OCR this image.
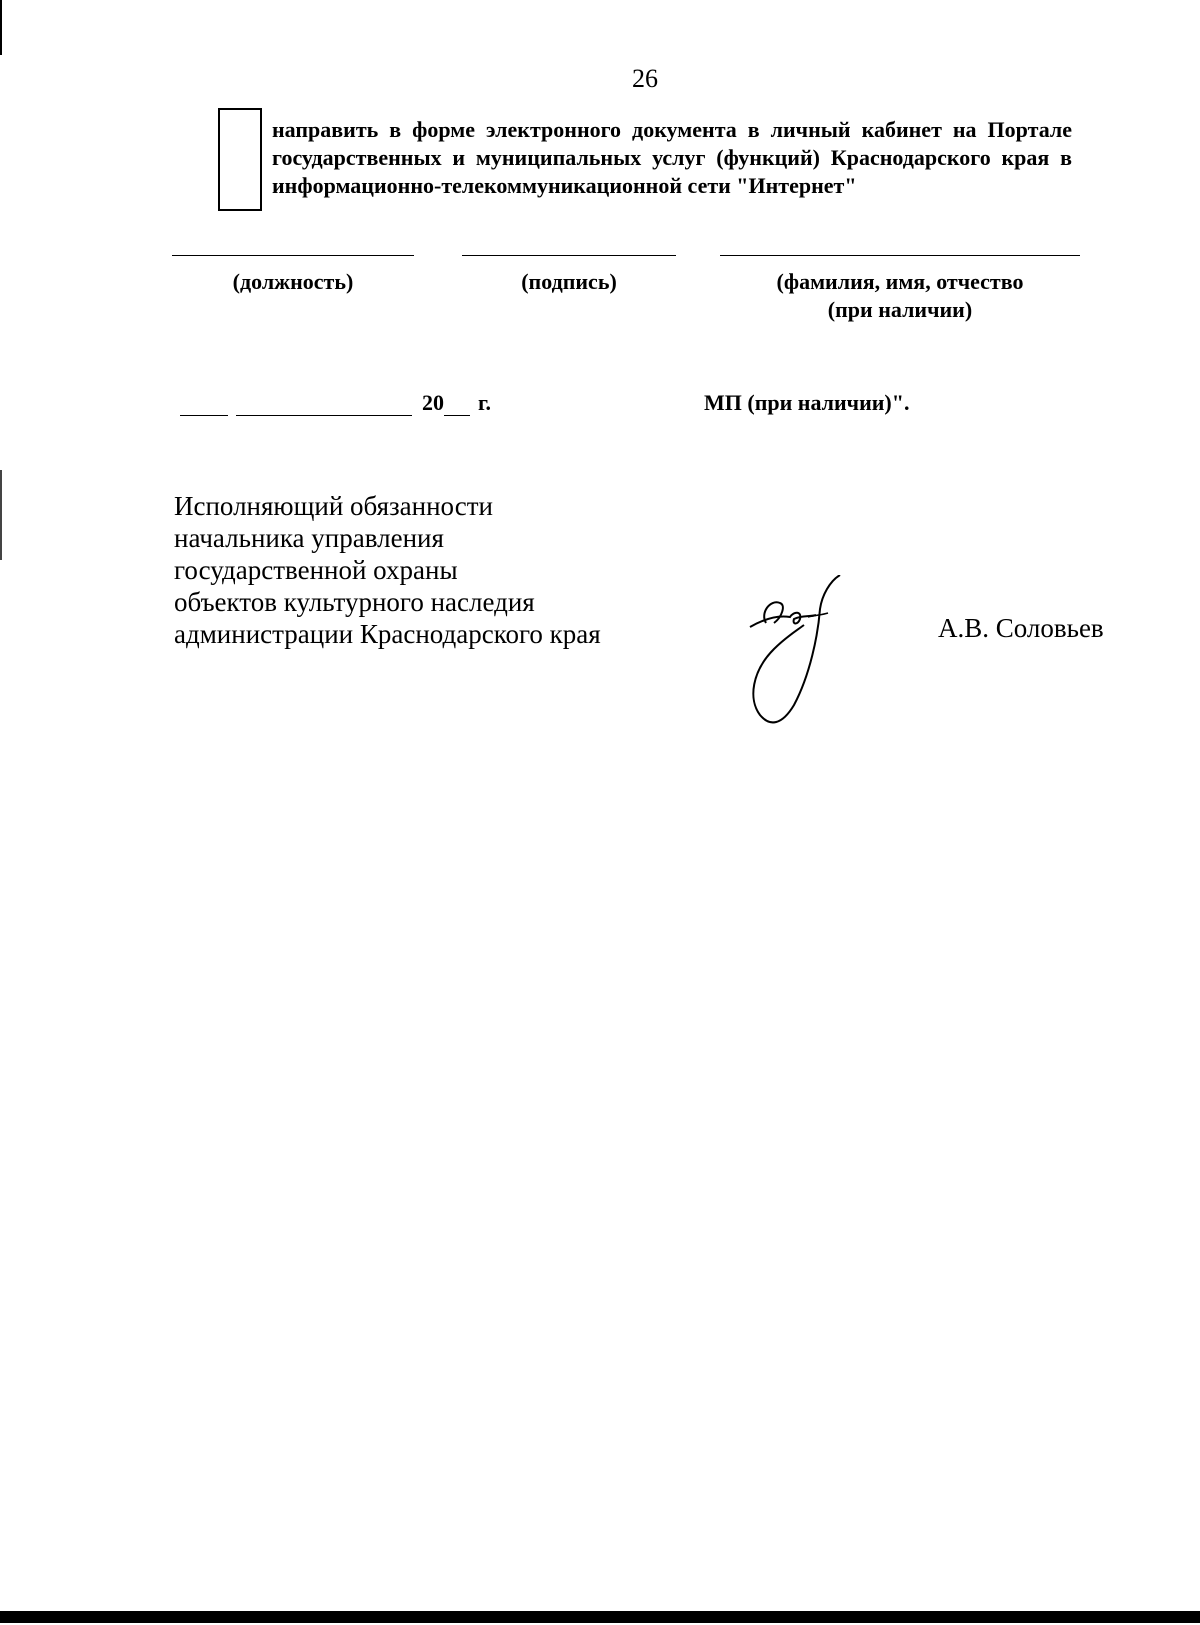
26
направить в форме электронного документа в личный кабинет на Портале
государственных и муниципальных услуг (функций) Краснодарского края в
информационно-телекоммуникационной сети "Интернет"
(должность)	(подпись)	(фамилия, имя, отчество
(при наличии)
20 г.	МП (при наличии)".
Исполняющий обязанности
начальника управления
государственной охраны
объектов культурного наследия
администрации Краснодарского края	А.В. Соловьев
